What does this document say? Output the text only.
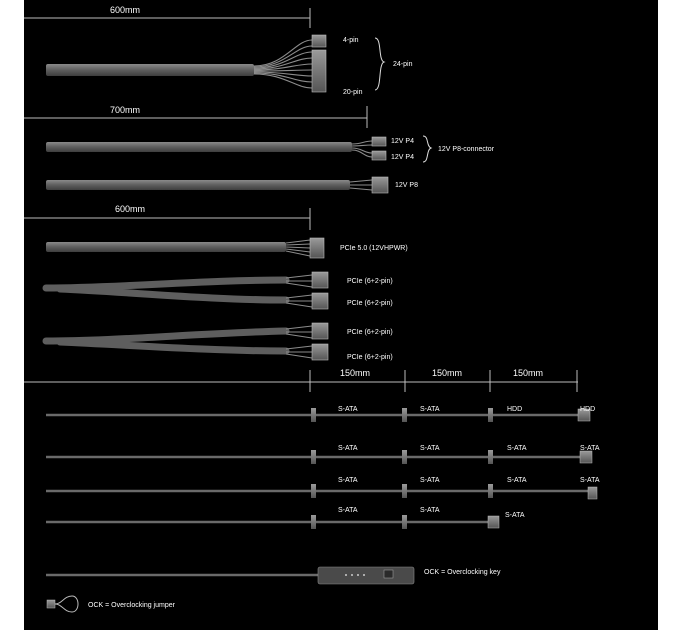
600mm
4-pin
20-pin
24-pin
700mm
12V P4
12V P4
12V P8-connector
12V P8
600mm
PCIe 5.0 (12VHPWR)
PCIe (6+2-pin)
PCIe (6+2-pin)
PCIe (6+2-pin)
PCIe (6+2-pin)
150mm	150mm	150mm
S-ATA	S-ATA	HDD	HDD
S-ATA	S-ATA	S-ATA	S-ATA
S-ATA	S-ATA	S-ATA	S-ATA
S-ATA	S-ATA
S-ATA
OCK = Overclocking key
OCK = Overclocking jumper
